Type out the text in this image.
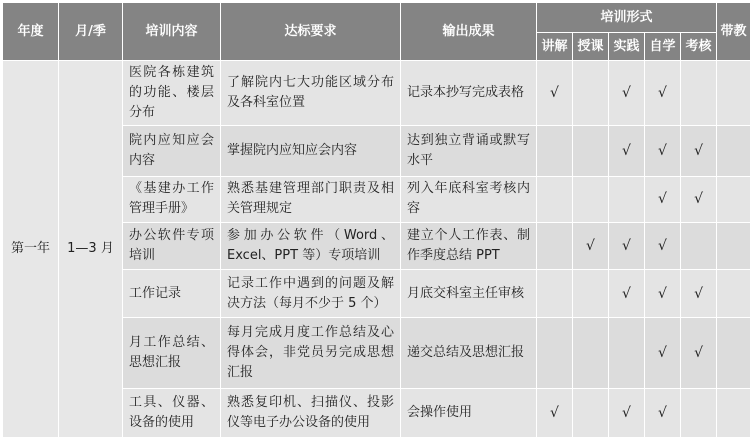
年度	月/季	培训内容	达标要求	输出成果	培训形式					带教
					讲解	授课	实践	自学	考核	
第一年	1—3 月	医院各栋建筑的功能、楼层分布	了解院内七大功能区域分布及各科室位置	记录本抄写完成表格	√		√	√		
		院内应知应会内容	掌握院内应知应会内容	达到独立背诵或默写水平			√	√	√	
		《基建办工作管理手册》	熟悉基建管理部门职责及相关管理规定	列入年底科室考核内容				√	√	
		办公软件专项培训	参加办公软件（Word、Excel、PPT 等）专项培训	建立个人工作表、制作季度总结 PPT		√	√	√		
		工作记录	记录工作中遇到的问题及解决方法（每月不少于 5 个）	月底交科室主任审核			√	√	√	
		月工作总结、思想汇报	每月完成月度工作总结及心得体会，非党员另完成思想汇报	递交总结及思想汇报				√	√	
		工具、仪器、设备的使用	熟悉复印机、扫描仪、投影仪等电子办公设备的使用	会操作使用	√		√	√		
